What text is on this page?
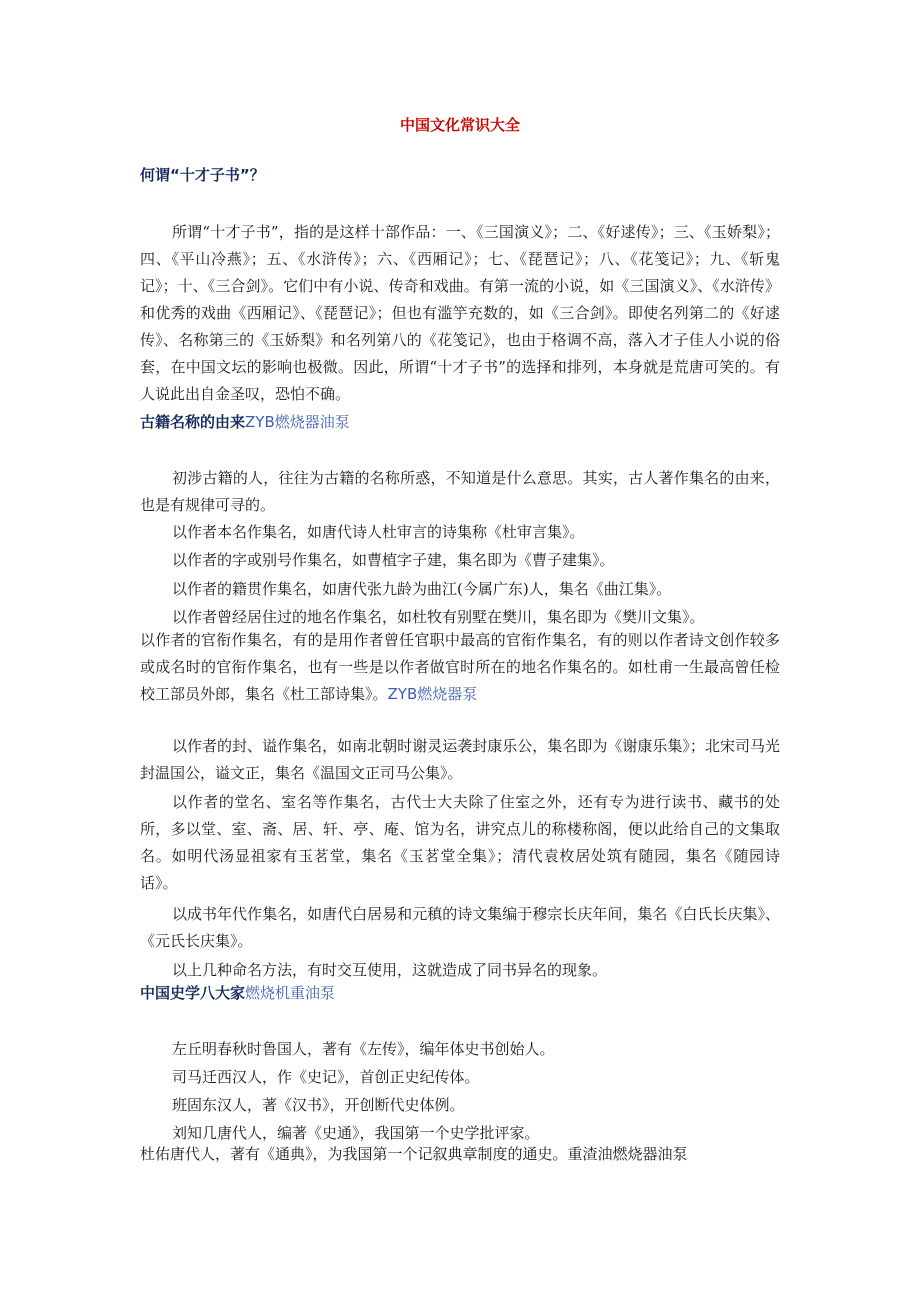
中国文化常识大全
何谓“十才子书”？
所谓“十才子书”，指的是这样十部作品：一、《三国演义》；二、《好逑传》；三、《玉娇梨》；四、《平山冷燕》；五、《水浒传》；六、《西厢记》；七、《琵琶记》；八、《花笺记》；九、《斩鬼记》；十、《三合剑》。它们中有小说、传奇和戏曲。有第一流的小说，如《三国演义》、《水浒传》和优秀的戏曲《西厢记》、《琵琶记》；但也有滥竽充数的，如《三合剑》。即使名列第二的《好逑传》、名称第三的《玉娇梨》和名列第八的《花笺记》，也由于格调不高，落入才子佳人小说的俗套，在中国文坛的影响也极微。因此，所谓“十才子书”的选择和排列，本身就是荒唐可笑的。有人说此出自金圣叹，恐怕不确。
古籍名称的由来ZYB燃烧器油泵
初涉古籍的人，往往为古籍的名称所惑，不知道是什么意思。其实，古人著作集名的由来，也是有规律可寻的。
以作者本名作集名，如唐代诗人杜审言的诗集称《杜审言集》。
以作者的字或别号作集名，如曹植字子建，集名即为《曹子建集》。
以作者的籍贯作集名，如唐代张九龄为曲江(今属广东)人，集名《曲江集》。
以作者曾经居住过的地名作集名，如杜牧有别墅在樊川，集名即为《樊川文集》。
以作者的官衔作集名，有的是用作者曾任官职中最高的官衔作集名，有的则以作者诗文创作较多或成名时的官衔作集名，也有一些是以作者做官时所在的地名作集名的。如杜甫一生最高曾任检校工部员外郎，集名《杜工部诗集》。ZYB燃烧器泵
以作者的封、谥作集名，如南北朝时谢灵运袭封康乐公，集名即为《谢康乐集》；北宋司马光封温国公，谥文正，集名《温国文正司马公集》。
以作者的堂名、室名等作集名，古代士大夫除了住室之外，还有专为进行读书、藏书的处所，多以堂、室、斋、居、轩、亭、庵、馆为名，讲究点儿的称楼称阁，便以此给自己的文集取名。如明代汤显祖家有玉茗堂，集名《玉茗堂全集》；清代袁枚居处筑有随园，集名《随园诗话》。
以成书年代作集名，如唐代白居易和元稹的诗文集编于穆宗长庆年间，集名《白氏长庆集》、《元氏长庆集》。
以上几种命名方法，有时交互使用，这就造成了同书异名的现象。
中国史学八大家燃烧机重油泵
左丘明春秋时鲁国人，著有《左传》，编年体史书创始人。
司马迁西汉人，作《史记》，首创正史纪传体。
班固东汉人，著《汉书》，开创断代史体例。
刘知几唐代人，编著《史通》，我国第一个史学批评家。
杜佑唐代人，著有《通典》，为我国第一个记叙典章制度的通史。重渣油燃烧器油泵
